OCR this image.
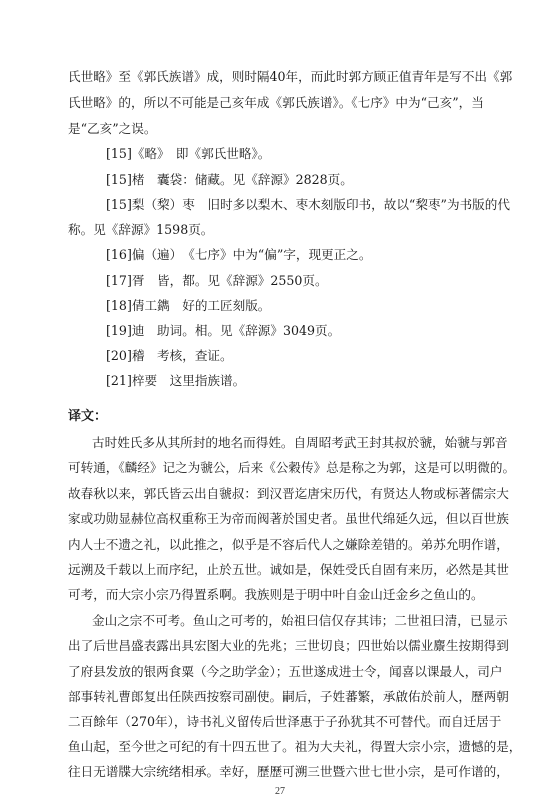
氏世略》至《郭氏族谱》成，则时隔40年，而此时郭方顾正值青年是写不出《郭
氏世略》的，所以不可能是己亥年成《郭氏族谱》。《七序》中为“己亥”，当
是“乙亥”之误。
[15]《略》　即《郭氏世略》。
[15]楮　囊袋：储藏。见《辞源》2828页。
[15]梨（棃）枣　旧时多以梨木、枣木刻版印书，故以“棃枣”为书版的代
称。见《辞源》1598页。
[16]偏（遍）　《七序》中为“偏”字，现更正之。
[17]胥　皆，都。见《辞源》2550页。
[18]倩工鐫　好的工匠刻版。
[19]迪　助词。相。见《辞源》3049页。
[20]稽　考核，查证。
[21]梓要　这里指族谱。
译文：
古时姓氏多从其所封的地名而得姓。自周昭考武王封其叔於虢，始虢与郭音
可转通，《麟经》记之为虢公，后来《公穀传》总是称之为郭，这是可以明微的。
故春秋以来，郭氏皆云出自虢叔：到汉晋迄唐宋历代，有贤达人物或标著儒宗大
家或功勋显赫位高权重称王为帝而阀著於国史者。虽世代绵延久远，但以百世族
内人士不遗之礼，以此推之，似乎是不容后代人之嫌除差错的。弟苏允明作谱，
远溯及千载以上而序纪，止於五世。诚如是，保姓受氏自固有来历，必然是其世
可考，而大宗小宗乃得置系啊。我族则是于明中叶自金山迁金乡之鱼山的。
金山之宗不可考。鱼山之可考的，始祖曰信仅存其讳；二世祖曰清，已显示
出了后世昌盛表露出具宏图大业的先兆；三世切良；四世始以儒业麖生按期得到
了府县发放的银两食粟（今之助学金）；五世遂成进士令，闻喜以课最人，司户
部事转礼曹郎复出任陕西按察司副使。嗣后，子姓蕃繁，承啟佑於前人，歷两朝
二百餘年（270年），诗书礼义留传后世泽惠于子孙犹其不可替代。而自迁居于
鱼山起，至今世之可纪的有十四五世了。祖为大夫礼，得置大宗小宗，遗憾的是，
往日无谱牒大宗统绪相承。幸好，歷歷可溯三世暨六世七世小宗，是可作谱的，
27
